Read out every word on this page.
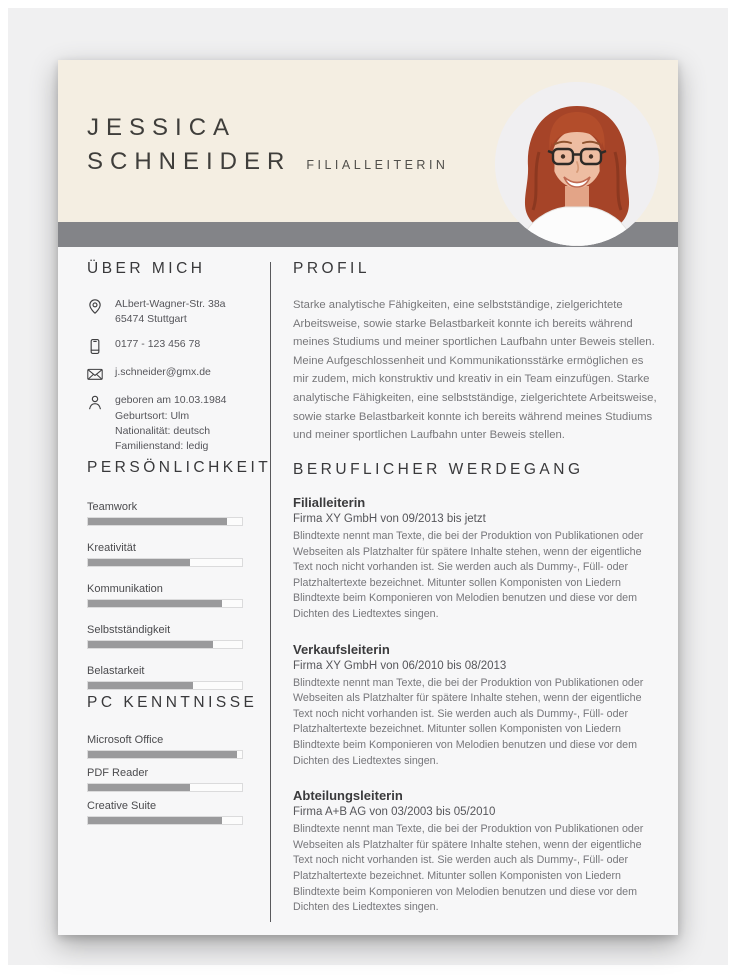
JESSICA
SCHNEIDER FILIALLEITERIN
ÜBER MICH
ALbert-Wagner-Str. 38a
65474 Stuttgart
0177 - 123 456 78
j.schneider@gmx.de
geboren am 10.03.1984
Geburtsort: Ulm
Nationalität: deutsch
Familienstand: ledig
PERSÖNLICHKEIT
Teamwork
Kreativität
Kommunikation
Selbstständigkeit
Belastarkeit
PC KENNTNISSE
Microsoft Office
PDF Reader
Creative Suite
PROFIL
Starke analytische Fähigkeiten, eine selbstständige, zielgerichtete Arbeitsweise, sowie starke Belastbarkeit konnte ich bereits während meines Studiums und meiner sportlichen Laufbahn unter Beweis stellen. Meine Aufgeschlossenheit und Kommunikationsstärke ermöglichen es mir zudem, mich konstruktiv und kreativ in ein Team einzufügen. Starke analytische Fähigkeiten, eine selbstständige, zielgerichtete Arbeitsweise, sowie starke Belastbarkeit konnte ich bereits während meines Studiums und meiner sportlichen Laufbahn unter Beweis stellen.
BERUFLICHER WERDEGANG
Filialleiterin
Firma XY GmbH von 09/2013 bis jetzt
Blindtexte nennt man Texte, die bei der Produktion von Publikationen oder Webseiten als Platzhalter für spätere Inhalte stehen, wenn der eigentliche Text noch nicht vorhanden ist. Sie werden auch als Dummy-, Füll- oder Platzhaltertexte bezeichnet. Mitunter sollen Komponisten von Liedern Blindtexte beim Komponieren von Melodien benutzen und diese vor dem Dichten des Liedtextes singen.
Verkaufsleiterin
Firma XY GmbH von 06/2010 bis 08/2013
Blindtexte nennt man Texte, die bei der Produktion von Publikationen oder Webseiten als Platzhalter für spätere Inhalte stehen, wenn der eigentliche Text noch nicht vorhanden ist. Sie werden auch als Dummy-, Füll- oder Platzhaltertexte bezeichnet. Mitunter sollen Komponisten von Liedern Blindtexte beim Komponieren von Melodien benutzen und diese vor dem Dichten des Liedtextes singen.
Abteilungsleiterin
Firma A+B AG von 03/2003 bis 05/2010
Blindtexte nennt man Texte, die bei der Produktion von Publikationen oder Webseiten als Platzhalter für spätere Inhalte stehen, wenn der eigentliche Text noch nicht vorhanden ist. Sie werden auch als Dummy-, Füll- oder Platzhaltertexte bezeichnet. Mitunter sollen Komponisten von Liedern Blindtexte beim Komponieren von Melodien benutzen und diese vor dem Dichten des Liedtextes singen.
